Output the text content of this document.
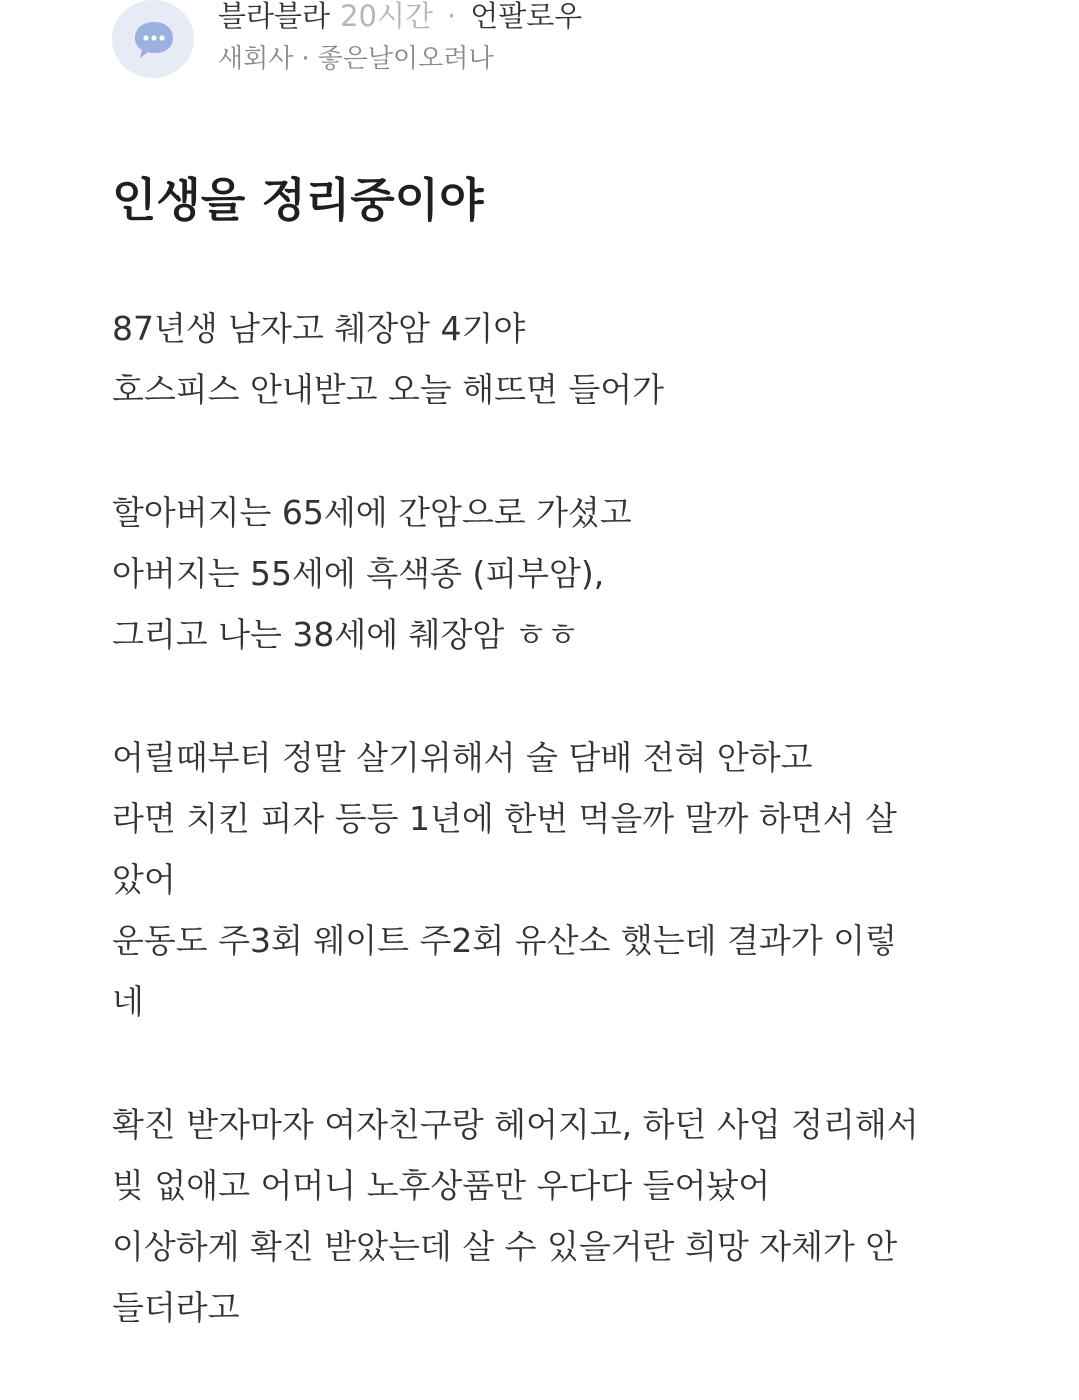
블라블라 20시간 · 언팔로우
새회사 · 좋은날이오려나
인생을 정리중이야
87년생 남자고 췌장암 4기야
호스피스 안내받고 오늘 해뜨면 들어가
할아버지는 65세에 간암으로 가셨고
아버지는 55세에 흑색종 (피부암),
그리고 나는 38세에 췌장암 ㅎㅎ
어릴때부터 정말 살기위해서 술 담배 전혀 안하고
라면 치킨 피자 등등 1년에 한번 먹을까 말까 하면서 살
았어
운동도 주3회 웨이트 주2회 유산소 했는데 결과가 이렇
네
확진 받자마자 여자친구랑 헤어지고, 하던 사업 정리해서
빚 없애고 어머니 노후상품만 우다다 들어놨어
이상하게 확진 받았는데 살 수 있을거란 희망 자체가 안
들더라고
